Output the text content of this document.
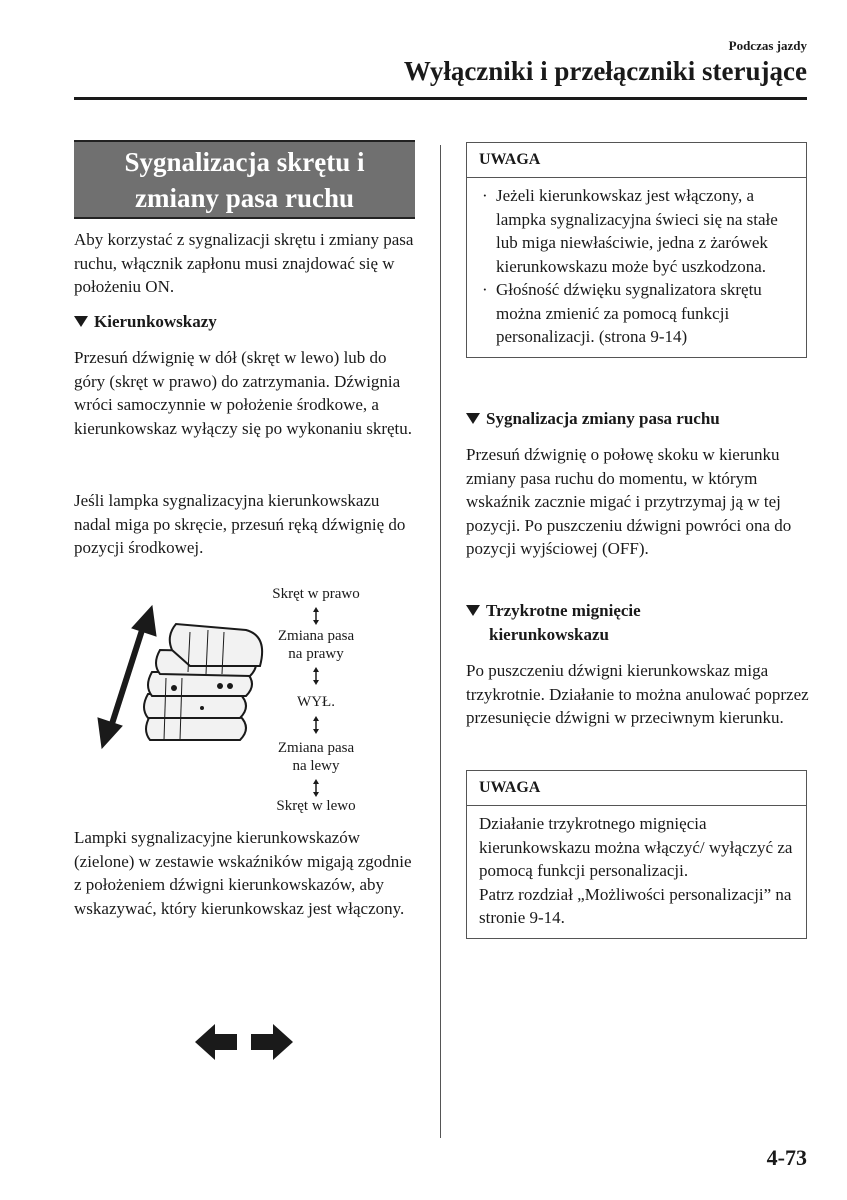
Podczas jazdy
Wyłączniki i przełączniki sterujące
Sygnalizacja skrętu i
zmiany pasa ruchu
Aby korzystać z sygnalizacji skrętu i zmiany pasa ruchu, włącznik zapłonu musi znajdować się w położeniu ON.
Kierunkowskazy
Przesuń dźwignię w dół (skręt w lewo) lub do góry (skręt w prawo) do zatrzymania. Dźwignia wróci samoczynnie w położenie środkowe, a kierunkowskaz wyłączy się po wykonaniu skrętu.
Jeśli lampka sygnalizacyjna kierunkowskazu nadal miga po skręcie, przesuń ręką dźwignię do pozycji środkowej.
Skręt w prawo
Zmiana pasa
na prawy
WYŁ.
Zmiana pasa
na lewy
Skręt w lewo
Lampki sygnalizacyjne kierunkowskazów (zielone) w zestawie wskaźników migają zgodnie z położeniem dźwigni kierunkowskazów, aby wskazywać, który kierunkowskaz jest włączony.
UWAGA
· Jeżeli kierunkowskaz jest włączony, a lampka sygnalizacyjna świeci się na stałe lub miga niewłaściwie, jedna z żarówek kierunkowskazu może być uszkodzona.
· Głośność dźwięku sygnalizatora skrętu można zmienić za pomocą funkcji personalizacji. (strona 9-14)
Sygnalizacja zmiany pasa ruchu
Przesuń dźwignię o połowę skoku w kierunku zmiany pasa ruchu do momentu, w którym wskaźnik zacznie migać i przytrzymaj ją w tej pozycji. Po puszczeniu dźwigni powróci ona do pozycji wyjściowej (OFF).
Trzykrotne mignięcie
kierunkowskazu
Po puszczeniu dźwigni kierunkowskaz miga trzykrotnie. Działanie to można anulować poprzez przesunięcie dźwigni w przeciwnym kierunku.
UWAGA
Działanie trzykrotnego mignięcia kierunkowskazu można włączyć/ wyłączyć za pomocą funkcji personalizacji.
Patrz rozdział „Możliwości personalizacji” na stronie 9-14.
4-73
